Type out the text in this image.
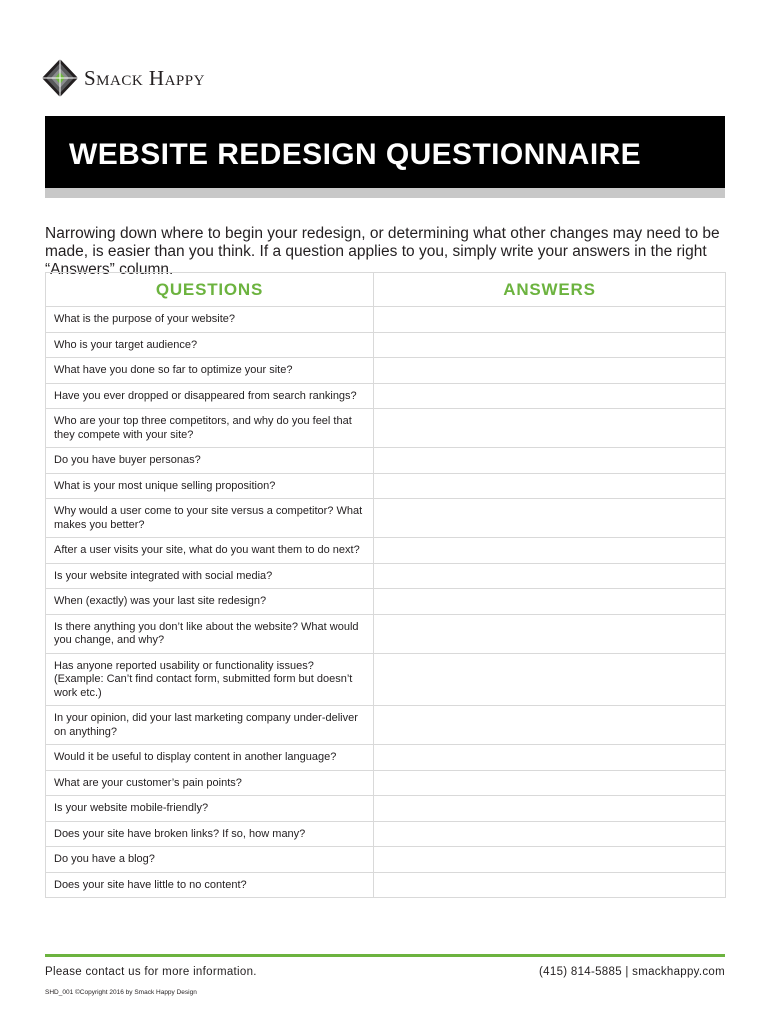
Smack Happy
WEBSITE REDESIGN QUESTIONNAIRE

Narrowing down where to begin your redesign, or determining what other changes may need to be made, is easier than you think. If a question applies to you, simply write your answers in the right “Answers” column.

QUESTIONS	ANSWERS
What is the purpose of your website?	
Who is your target audience?	
What have you done so far to optimize your site?	
Have you ever dropped or disappeared from search rankings?	
Who are your top three competitors, and why do you feel that they compete with your site?	
Do you have buyer personas?	
What is your most unique selling proposition?	
Why would a user come to your site versus a competitor? What makes you better?	
After a user visits your site, what do you want them to do next?	
Is your website integrated with social media?	
When (exactly) was your last site redesign?	
Is there anything you don’t like about the website? What would you change, and why?	
Has anyone reported usability or functionality issues? (Example: Can’t find contact form, submitted form but doesn’t work etc.)	
In your opinion, did your last marketing company under-deliver on anything?	
Would it be useful to display content in another language?	
What are your customer’s pain points?	
Is your website mobile-friendly?	
Does your site have broken links? If so, how many?	
Do you have a blog?	
Does your site have little to no content?	
Please contact us for more information.	(415) 814-5885 | smackhappy.com
SHD_001 ©Copyright 2016 by Smack Happy Design
